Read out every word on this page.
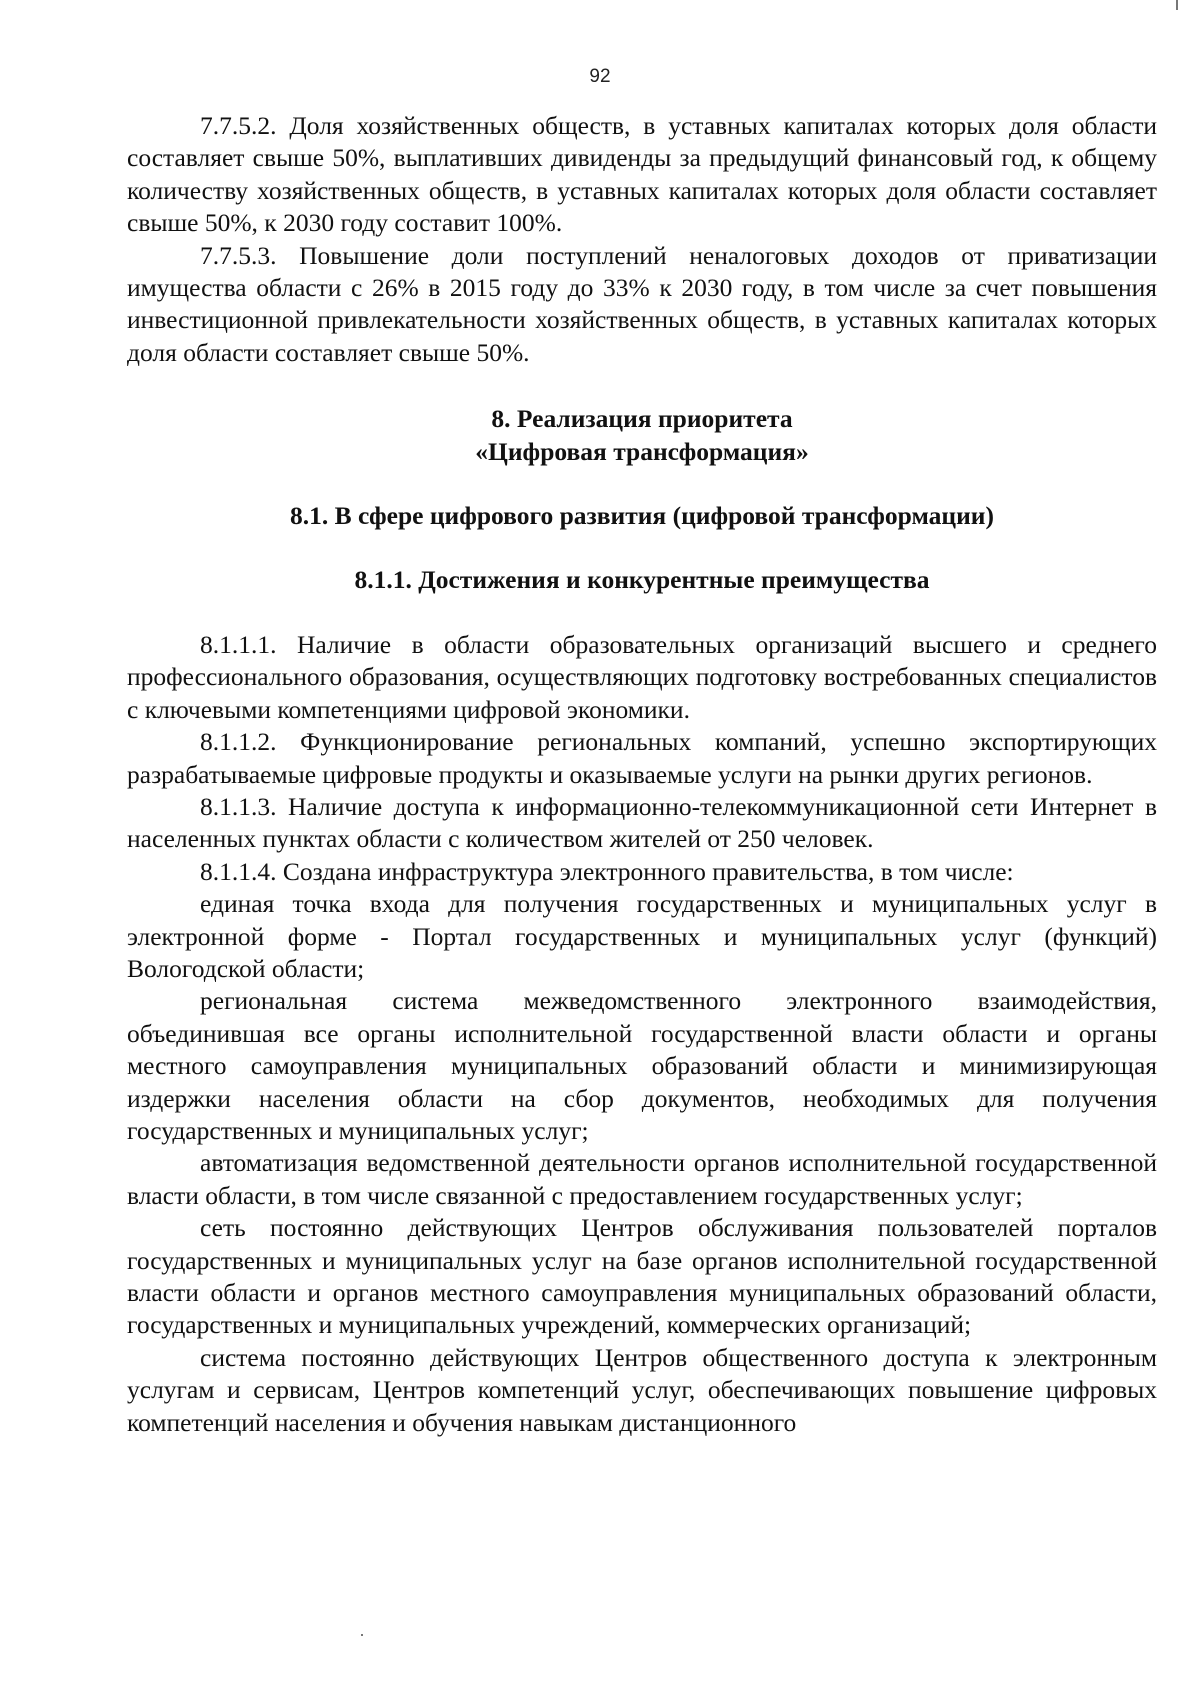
92

7.7.5.2. Доля хозяйственных обществ, в уставных капиталах которых доля области составляет свыше 50%, выплативших дивиденды за предыдущий финансовый год, к общему количеству хозяйственных обществ, в уставных капиталах которых доля области составляет свыше 50%, к 2030 году составит 100%.

7.7.5.3. Повышение доли поступлений неналоговых доходов от приватизации имущества области с 26% в 2015 году до 33% к 2030 году, в том числе за счет повышения инвестиционной привлекательности хозяйственных обществ, в уставных капиталах которых доля области составляет свыше 50%.

8. Реализация приоритета
«Цифровая трансформация»
8.1. В сфере цифрового развития (цифровой трансформации)
8.1.1. Достижения и конкурентные преимущества

8.1.1.1. Наличие в области образовательных организаций высшего и среднего профессионального образования, осуществляющих подготовку востребованных специалистов с ключевыми компетенциями цифровой экономики.

8.1.1.2. Функционирование региональных компаний, успешно экспортирующих разрабатываемые цифровые продукты и оказываемые услуги на рынки других регионов.

8.1.1.3. Наличие доступа к информационно-телекоммуникационной сети Интернет в населенных пунктах области с количеством жителей от 250 человек.

8.1.1.4. Создана инфраструктура электронного правительства, в том числе:

единая точка входа для получения государственных и муниципальных услуг в электронной форме - Портал государственных и муниципальных услуг (функций) Вологодской области;

региональная система межведомственного электронного взаимодействия, объединившая все органы исполнительной государственной власти области и органы местного самоуправления муниципальных образований области и минимизирующая издержки населения области на сбор документов, необходимых для получения государственных и муниципальных услуг;

автоматизация ведомственной деятельности органов исполнительной государственной власти области, в том числе связанной с предоставлением государственных услуг;

сеть постоянно действующих Центров обслуживания пользователей порталов государственных и муниципальных услуг на базе органов исполнительной государственной власти области и органов местного самоуправления муниципальных образований области, государственных и муниципальных учреждений, коммерческих организаций;

система постоянно действующих Центров общественного доступа к электронным услугам и сервисам, Центров компетенций услуг, обеспечивающих повышение цифровых компетенций населения и обучения навыкам дистанционного
